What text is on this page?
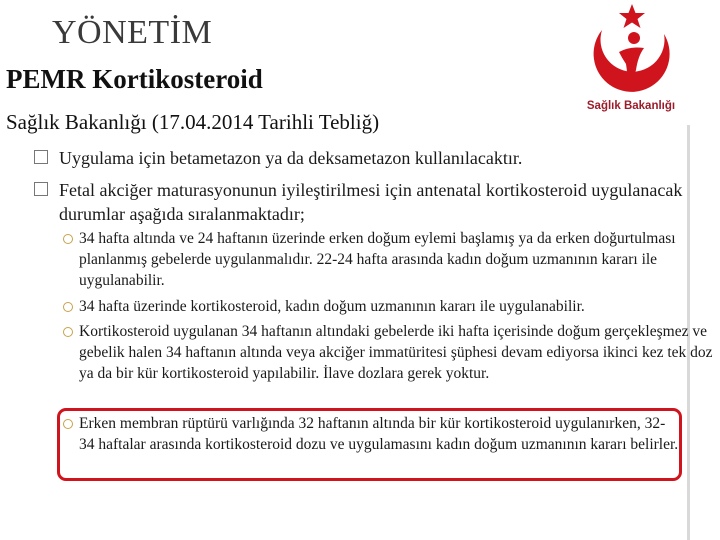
YÖNETİM
PEMR Kortikosteroid
Sağlık Bakanlığı (17.04.2014 Tarihli Tebliğ)
Sağlık Bakanlığı
Uygulama için betametazon ya da deksametazon kullanılacaktır.
Fetal akciğer maturasyonunun iyileştirilmesi için antenatal kortikosteroid uygulanacak durumlar aşağıda sıralanmaktadır;
34 hafta altında ve 24 haftanın üzerinde erken doğum eylemi başlamış ya da erken doğurtulması planlanmış gebelerde uygulanmalıdır. 22-24 hafta arasında kadın doğum uzmanının kararı ile uygulanabilir.
34 hafta üzerinde kortikosteroid, kadın doğum uzmanının kararı ile uygulanabilir.
Kortikosteroid uygulanan 34 haftanın altındaki gebelerde iki hafta içerisinde doğum gerçekleşmez ve gebelik halen 34 haftanın altında veya akciğer immatüritesi şüphesi devam ediyorsa ikinci kez tek doz ya da bir kür kortikosteroid yapılabilir. İlave dozlara gerek yoktur.
Erken membran rüptürü varlığında 32 haftanın altında bir kür kortikosteroid uygulanırken, 32-34 haftalar arasında kortikosteroid dozu ve uygulamasını kadın doğum uzmanının kararı belirler.
